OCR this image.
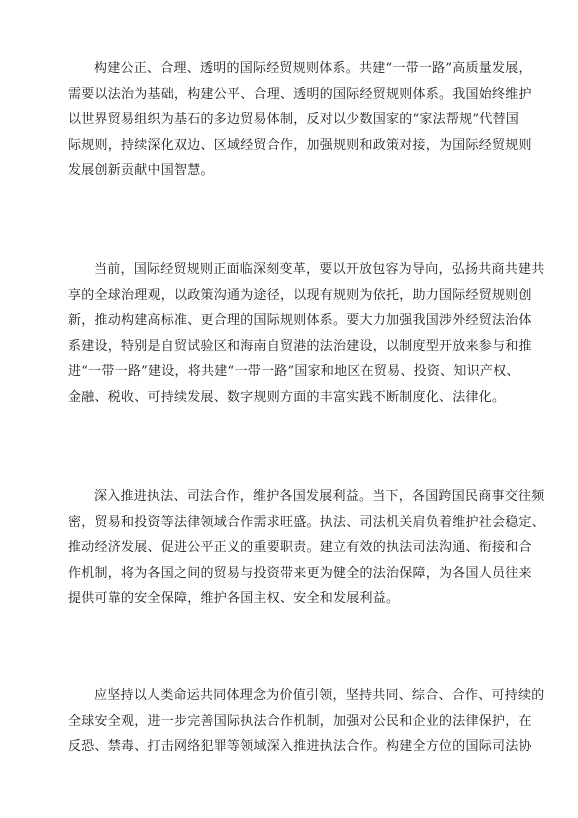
构建公正、合理、透明的国际经贸规则体系。共建“一带一路”高质量发展，
需要以法治为基础，构建公平、合理、透明的国际经贸规则体系。我国始终维护
以世界贸易组织为基石的多边贸易体制，反对以少数国家的“家法帮规”代替国
际规则，持续深化双边、区域经贸合作，加强规则和政策对接，为国际经贸规则
发展创新贡献中国智慧。
当前，国际经贸规则正面临深刻变革，要以开放包容为导向，弘扬共商共建共
享的全球治理观，以政策沟通为途径，以现有规则为依托，助力国际经贸规则创
新，推动构建高标准、更合理的国际规则体系。要大力加强我国涉外经贸法治体
系建设，特别是自贸试验区和海南自贸港的法治建设，以制度型开放来参与和推
进“一带一路”建设，将共建“一带一路”国家和地区在贸易、投资、知识产权、
金融、税收、可持续发展、数字规则方面的丰富实践不断制度化、法律化。
深入推进执法、司法合作，维护各国发展利益。当下，各国跨国民商事交往频
密，贸易和投资等法律领域合作需求旺盛。执法、司法机关肩负着维护社会稳定、
推动经济发展、促进公平正义的重要职责。建立有效的执法司法沟通、衔接和合
作机制，将为各国之间的贸易与投资带来更为健全的法治保障，为各国人员往来
提供可靠的安全保障，维护各国主权、安全和发展利益。
应坚持以人类命运共同体理念为价值引领，坚持共同、综合、合作、可持续的
全球安全观，进一步完善国际执法合作机制，加强对公民和企业的法律保护，在
反恐、禁毒、打击网络犯罪等领域深入推进执法合作。构建全方位的国际司法协
